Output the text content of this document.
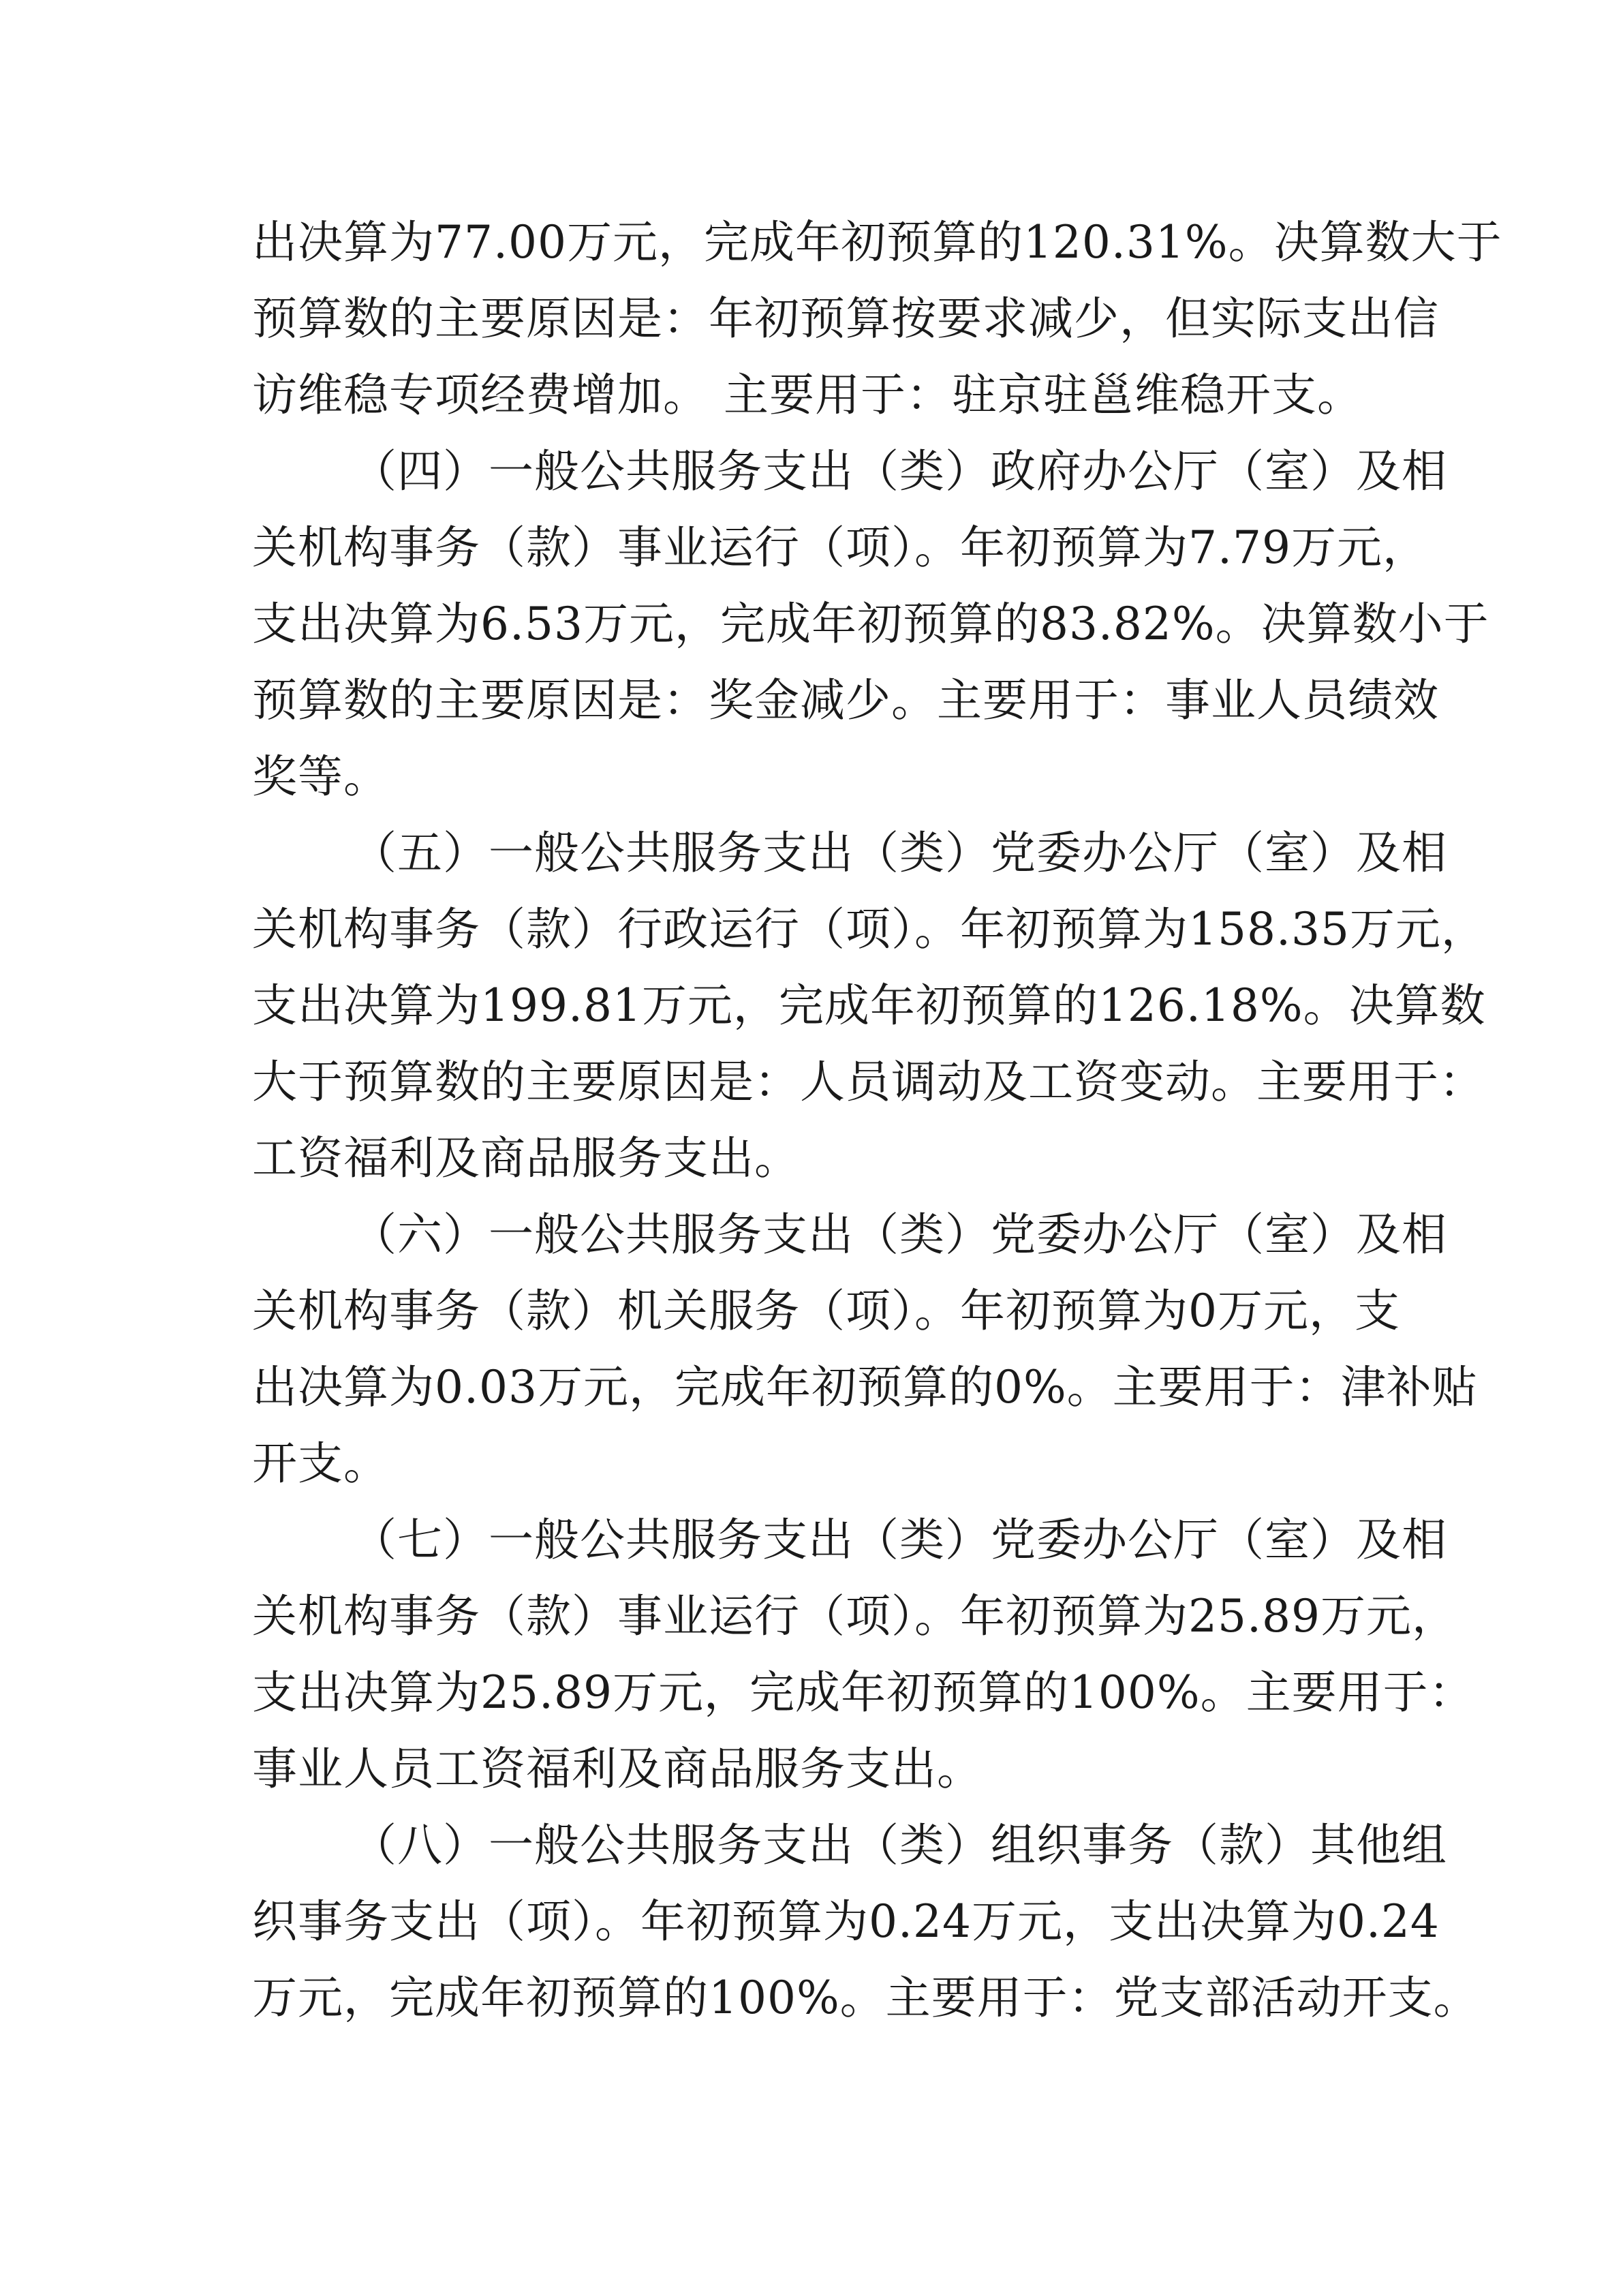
出决算为77.00万元，完成年初预算的120.31%。决算数大于
预算数的主要原因是：年初预算按要求减少，但实际支出信
访维稳专项经费增加。 主要用于：驻京驻邕维稳开支。
（四）一般公共服务支出（类）政府办公厅（室）及相
关机构事务（款）事业运行（项）。年初预算为7.79万元，
支出决算为6.53万元，完成年初预算的83.82%。决算数小于
预算数的主要原因是：奖金减少。主要用于：事业人员绩效
奖等。
（五）一般公共服务支出（类）党委办公厅（室）及相
关机构事务（款）行政运行（项）。年初预算为158.35万元，
支出决算为199.81万元，完成年初预算的126.18%。决算数
大于预算数的主要原因是：人员调动及工资变动。主要用于：
工资福利及商品服务支出。
（六）一般公共服务支出（类）党委办公厅（室）及相
关机构事务（款）机关服务（项）。年初预算为0万元，支
出决算为0.03万元，完成年初预算的0%。主要用于：津补贴
开支。
（七）一般公共服务支出（类）党委办公厅（室）及相
关机构事务（款）事业运行（项）。年初预算为25.89万元，
支出决算为25.89万元，完成年初预算的100%。主要用于：
事业人员工资福利及商品服务支出。
（八）一般公共服务支出（类）组织事务（款）其他组
织事务支出（项）。年初预算为0.24万元，支出决算为0.24
万元，完成年初预算的100%。主要用于：党支部活动开支。
